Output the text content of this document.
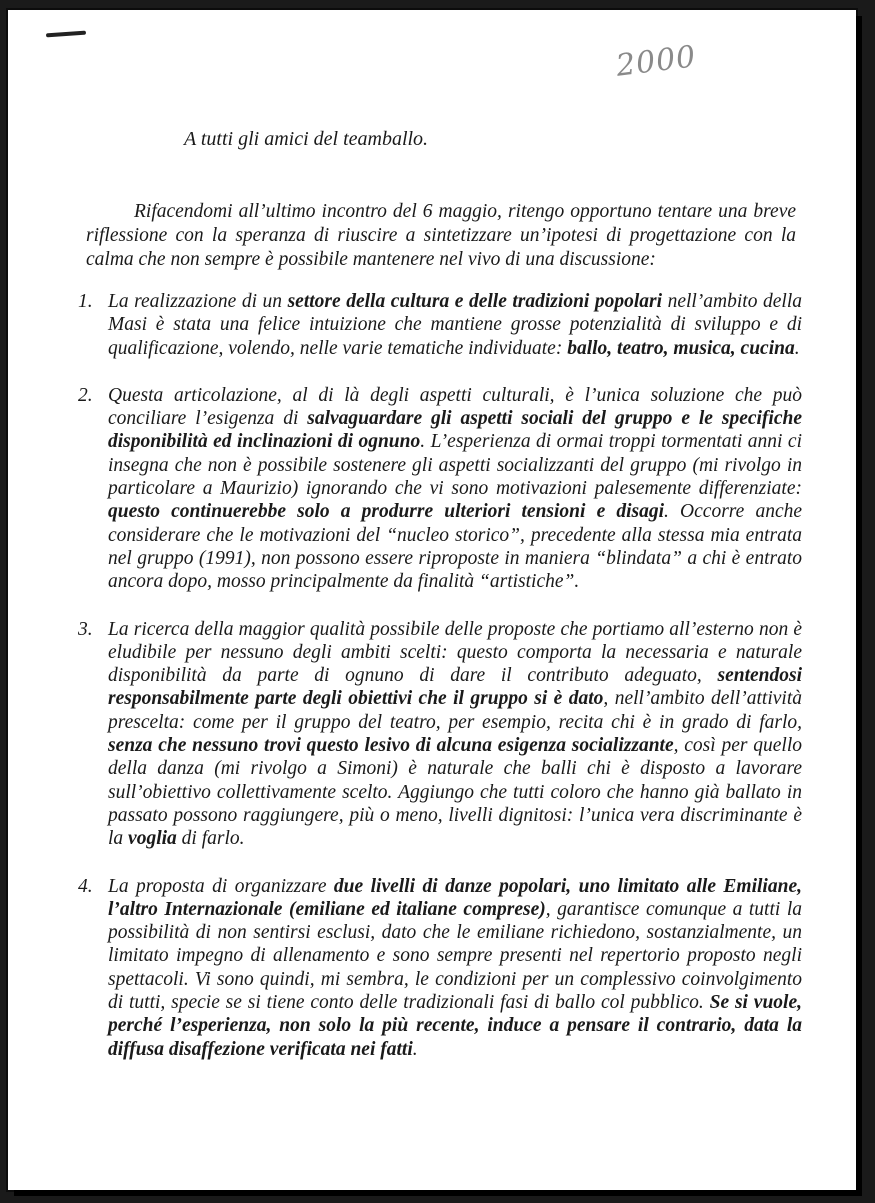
2000

A tutti gli amici del teamballo.

Rifacendomi all’ultimo incontro del 6 maggio, ritengo opportuno tentare una breve riflessione con la speranza di riuscire a sintetizzare un’ipotesi di progettazione con la calma che non sempre è possibile mantenere nel vivo di una discussione:

1. La realizzazione di un settore della cultura e delle tradizioni popolari nell’ambito della Masi è stata una felice intuizione che mantiene grosse potenzialità di sviluppo e di qualificazione, volendo, nelle varie tematiche individuate: ballo, teatro, musica, cucina.

2. Questa articolazione, al di là degli aspetti culturali, è l’unica soluzione che può conciliare l’esigenza di salvaguardare gli aspetti sociali del gruppo e le specifiche disponibilità ed inclinazioni di ognuno. L’esperienza di ormai troppi tormentati anni ci insegna che non è possibile sostenere gli aspetti socializzanti del gruppo (mi rivolgo in particolare a Maurizio) ignorando che vi sono motivazioni palesemente differenziate: questo continuerebbe solo a produrre ulteriori tensioni e disagi. Occorre anche considerare che le motivazioni del “nucleo storico”, precedente alla stessa mia entrata nel gruppo (1991), non possono essere riproposte in maniera “blindata” a chi è entrato ancora dopo, mosso principalmente da finalità “artistiche”.

3. La ricerca della maggior qualità possibile delle proposte che portiamo all’esterno non è eludibile per nessuno degli ambiti scelti: questo comporta la necessaria e naturale disponibilità da parte di ognuno di dare il contributo adeguato, sentendosi responsabilmente parte degli obiettivi che il gruppo si è dato, nell’ambito dell’attività prescelta: come per il gruppo del teatro, per esempio, recita chi è in grado di farlo, senza che nessuno trovi questo lesivo di alcuna esigenza socializzante, così per quello della danza (mi rivolgo a Simoni) è naturale che balli chi è disposto a lavorare sull’obiettivo collettivamente scelto. Aggiungo che tutti coloro che hanno già ballato in passato possono raggiungere, più o meno, livelli dignitosi: l’unica vera discriminante è la voglia di farlo.

4. La proposta di organizzare due livelli di danze popolari, uno limitato alle Emiliane, l’altro Internazionale (emiliane ed italiane comprese), garantisce comunque a tutti la possibilità di non sentirsi esclusi, dato che le emiliane richiedono, sostanzialmente, un limitato impegno di allenamento e sono sempre presenti nel repertorio proposto negli spettacoli. Vi sono quindi, mi sembra, le condizioni per un complessivo coinvolgimento di tutti, specie se si tiene conto delle tradizionali fasi di ballo col pubblico. Se si vuole, perché l’esperienza, non solo la più recente, induce a pensare il contrario, data la diffusa disaffezione verificata nei fatti.
